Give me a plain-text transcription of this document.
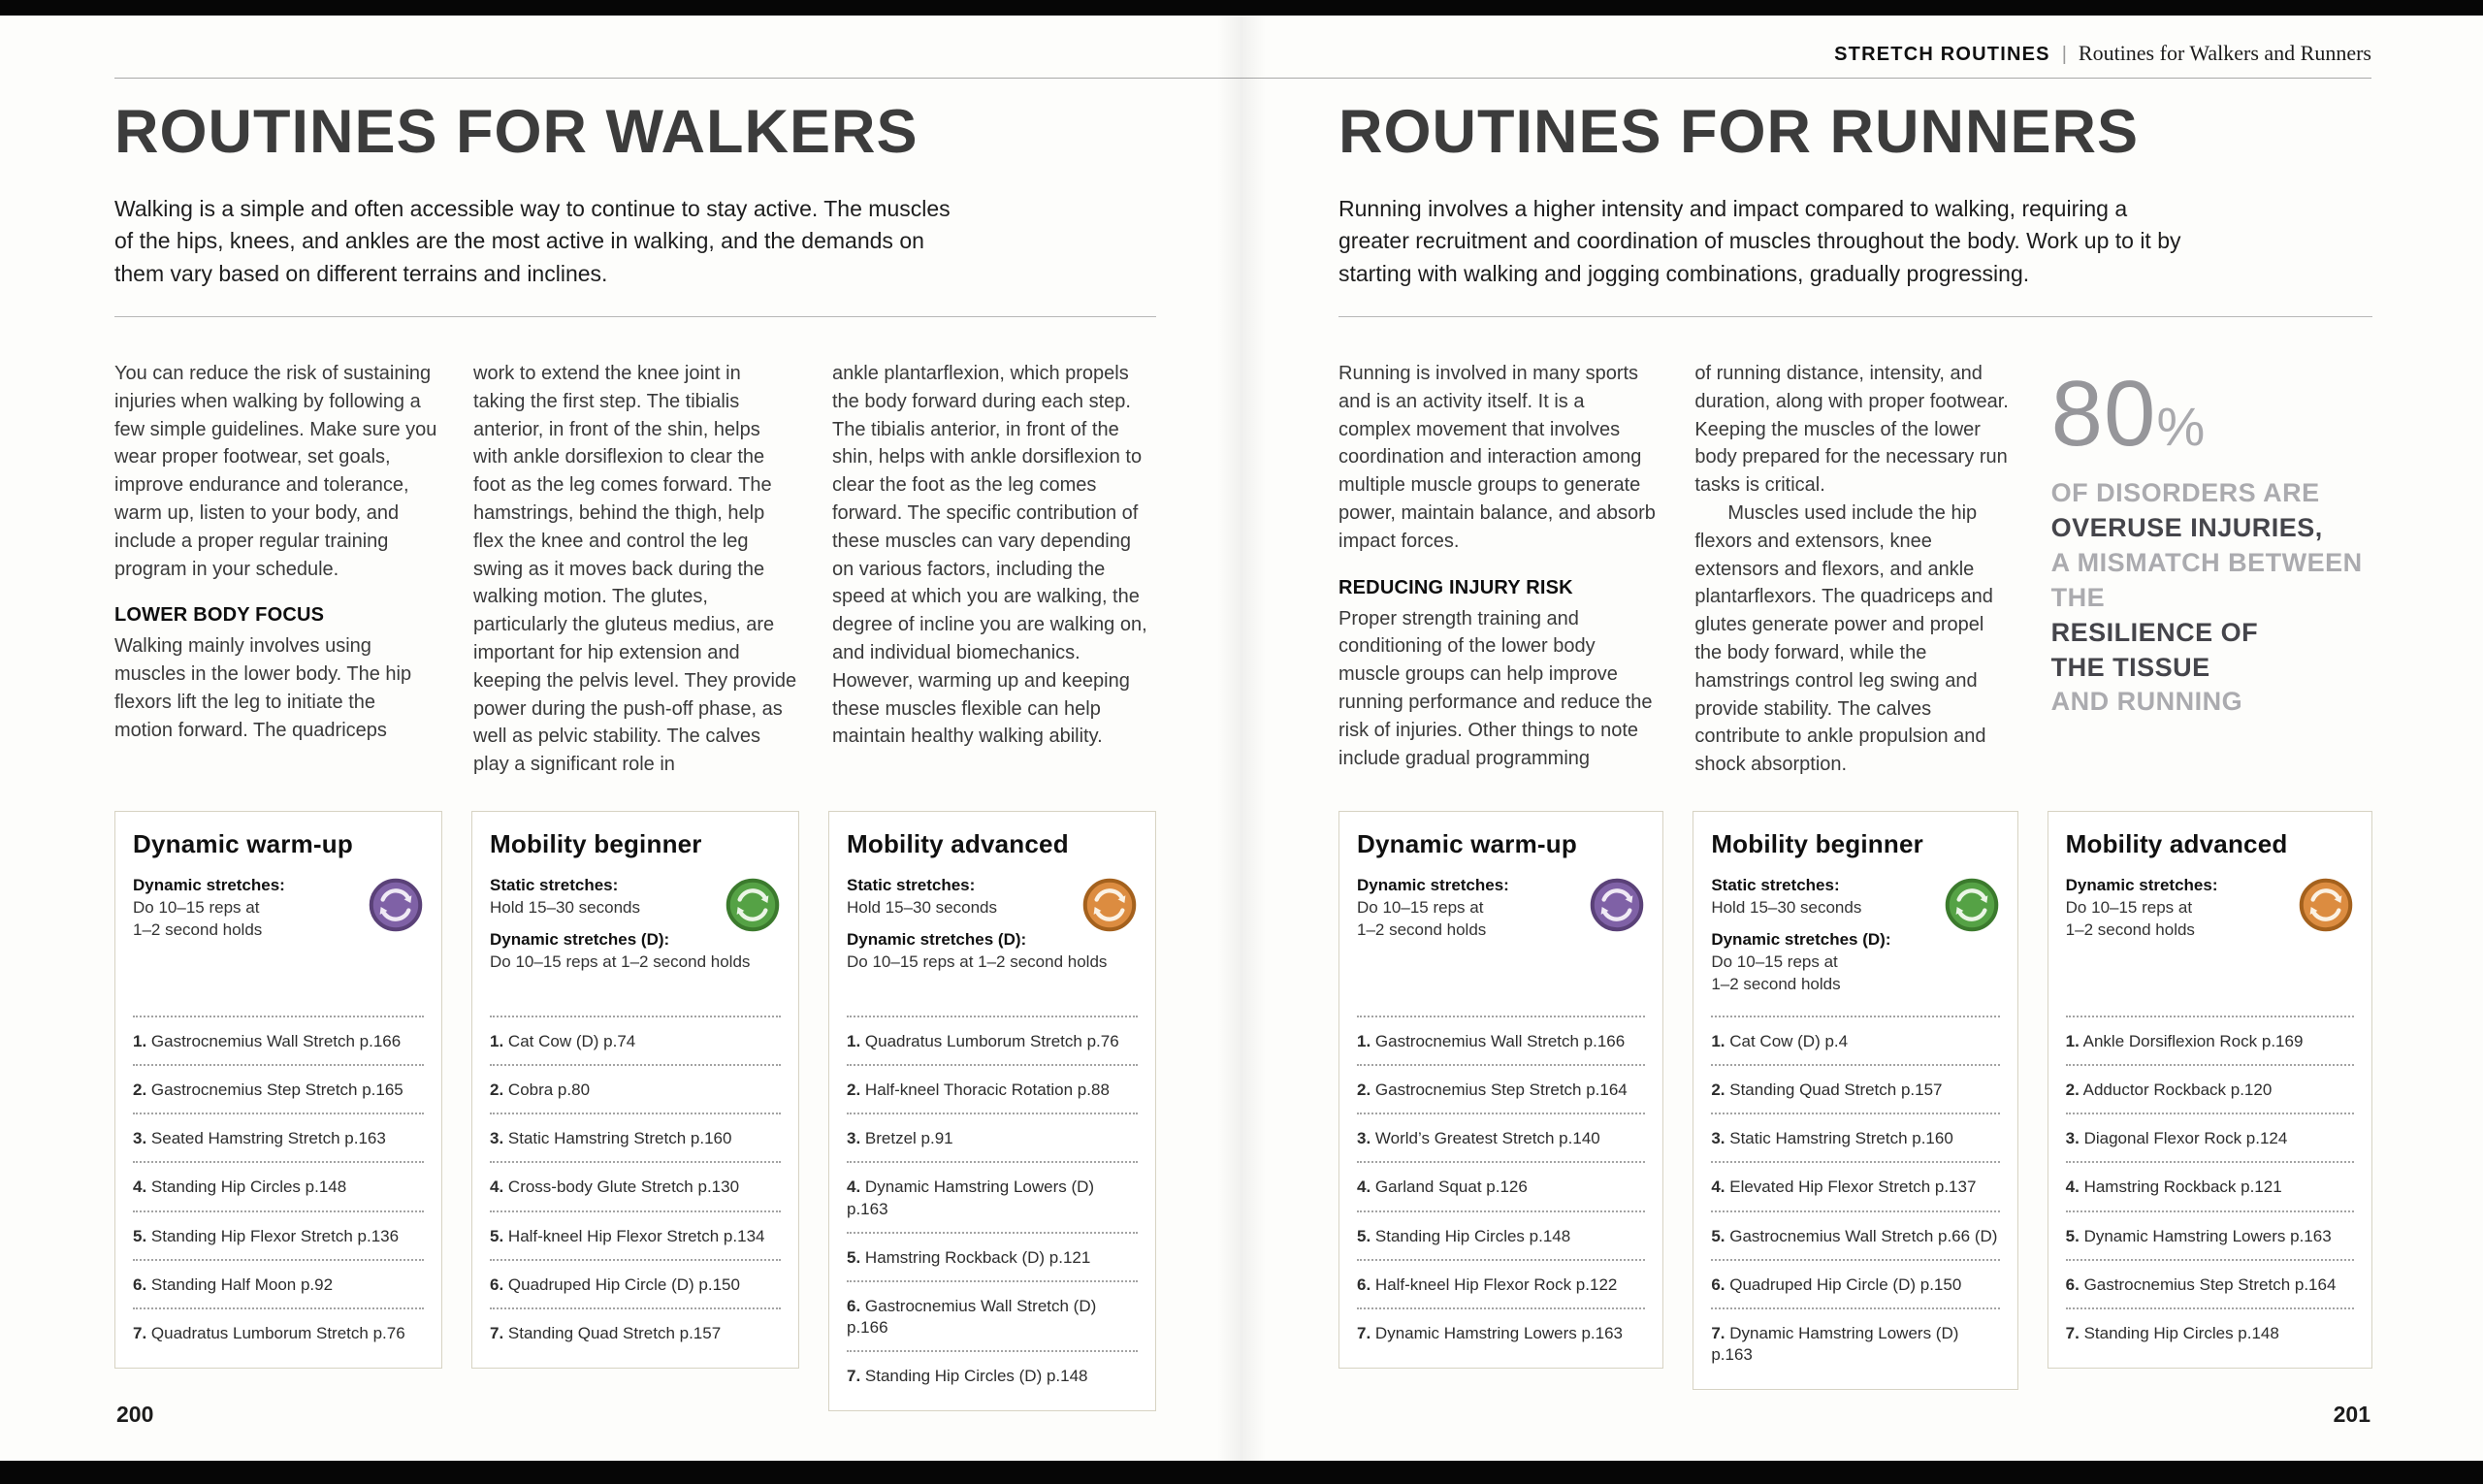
STRETCH ROUTINES | Routines for Walkers and Runners
ROUTINES FOR WALKERS

Walking is a simple and often accessible way to continue to stay active. The muscles of the hips, knees, and ankles are the most active in walking, and the demands on them vary based on different terrains and inclines.

You can reduce the risk of sustaining injuries when walking by following a few simple guidelines. Make sure you wear proper footwear, set goals, improve endurance and tolerance, warm up, listen to your body, and include a proper regular training program in your schedule.

LOWER BODY FOCUS

Walking mainly involves using muscles in the lower body. The hip flexors lift the leg to initiate the motion forward. The quadriceps

work to extend the knee joint in taking the first step. The tibialis anterior, in front of the shin, helps with ankle dorsiflexion to clear the foot as the leg comes forward. The hamstrings, behind the thigh, help flex the knee and control the leg swing as it moves back during the walking motion. The glutes, particularly the gluteus medius, are important for hip extension and keeping the pelvis level. They provide power during the push-off phase, as well as pelvic stability. The calves play a significant role in

ankle plantarflexion, which propels the body forward during each step. The tibialis anterior, in front of the shin, helps with ankle dorsiflexion to clear the foot as the leg comes forward. The specific contribution of these muscles can vary depending on various factors, including the speed at which you are walking, the degree of incline you are walking on, and individual biomechanics. However, warming up and keeping these muscles flexible can help maintain healthy walking ability.

Dynamic warm-up
Dynamic stretches:
Do 10–15 reps at
1–2 second holds
1. Gastrocnemius Wall Stretch p.166
2. Gastrocnemius Step Stretch p.165
3. Seated Hamstring Stretch p.163
4. Standing Hip Circles p.148
5. Standing Hip Flexor Stretch p.136
6. Standing Half Moon p.92
7. Quadratus Lumborum Stretch p.76
Mobility beginner
Static stretches:
Hold 15–30 seconds
Dynamic stretches (D):
Do 10–15 reps at 1–2 second holds
1. Cat Cow (D) p.74
2. Cobra p.80
3. Static Hamstring Stretch p.160
4. Cross-body Glute Stretch p.130
5. Half-kneel Hip Flexor Stretch p.134
6. Quadruped Hip Circle (D) p.150
7. Standing Quad Stretch p.157
Mobility advanced
Static stretches:
Hold 15–30 seconds
Dynamic stretches (D):
Do 10–15 reps at 1–2 second holds
1. Quadratus Lumborum Stretch p.76
2. Half-kneel Thoracic Rotation p.88
3. Bretzel p.91
4. Dynamic Hamstring Lowers (D) p.163
5. Hamstring Rockback (D) p.121
6. Gastrocnemius Wall Stretch (D) p.166
7. Standing Hip Circles (D) p.148
200
ROUTINES FOR RUNNERS

Running involves a higher intensity and impact compared to walking, requiring a greater recruitment and coordination of muscles throughout the body. Work up to it by starting with walking and jogging combinations, gradually progressing.

80%
OF DISORDERS ARE
OVERUSE INJURIES,
A MISMATCH BETWEEN THE
RESILIENCE OF
THE TISSUE
AND RUNNING

Running is involved in many sports and is an activity itself. It is a complex movement that involves coordination and interaction among multiple muscle groups to generate power, maintain balance, and absorb impact forces.

REDUCING INJURY RISK

Proper strength training and conditioning of the lower body muscle groups can help improve running performance and reduce the risk of injuries. Other things to note include gradual programming

of running distance, intensity, and duration, along with proper footwear. Keeping the muscles of the lower body prepared for the necessary run tasks is critical.

Muscles used include the hip flexors and extensors, knee extensors and flexors, and ankle plantarflexors. The quadriceps and glutes generate power and propel the body forward, while the hamstrings control leg swing and provide stability. The calves contribute to ankle propulsion and shock absorption.

Dynamic warm-up
Dynamic stretches:
Do 10–15 reps at
1–2 second holds
1. Gastrocnemius Wall Stretch p.166
2. Gastrocnemius Step Stretch p.164
3. World’s Greatest Stretch p.140
4. Garland Squat p.126
5. Standing Hip Circles p.148
6. Half-kneel Hip Flexor Rock p.122
7. Dynamic Hamstring Lowers p.163
Mobility beginner
Static stretches:
Hold 15–30 seconds
Dynamic stretches (D):
Do 10–15 reps at
1–2 second holds
1. Cat Cow (D) p.4
2. Standing Quad Stretch p.157
3. Static Hamstring Stretch p.160
4. Elevated Hip Flexor Stretch p.137
5. Gastrocnemius Wall Stretch p.66 (D)
6. Quadruped Hip Circle (D) p.150
7. Dynamic Hamstring Lowers (D) p.163
Mobility advanced
Dynamic stretches:
Do 10–15 reps at
1–2 second holds
1. Ankle Dorsiflexion Rock p.169
2. Adductor Rockback p.120
3. Diagonal Flexor Rock p.124
4. Hamstring Rockback p.121
5. Dynamic Hamstring Lowers p.163
6. Gastrocnemius Step Stretch p.164
7. Standing Hip Circles p.148
201
